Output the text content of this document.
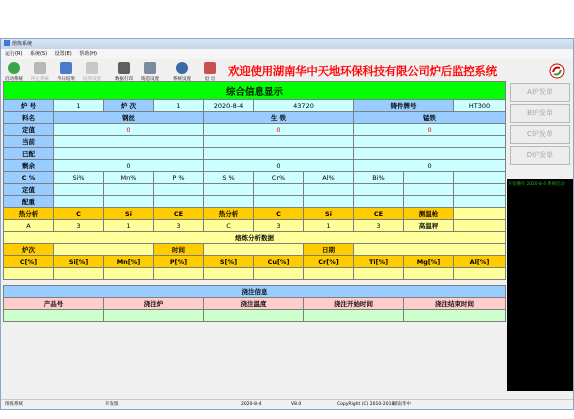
熔炼系统
运行(R) 系统(S) 设置(E) 帮助(H)
启动系统	停止系统	今日结果	结果设置	数据打印	铸造设置	系统设置	退 出
欢迎使用湖南华中天地环保科技有限公司炉后监控系统
综合信息显示									
炉 号	1	炉 次	1	2020-8-4	43720		铸件牌号		HT300
料名	钢丝			生 铁			锰铁		
定值	0			0			0		
当前									
已配									
剩余	0			0			0		
C %	Si%	Mn%	P %	S %	Cr%	Al%	Bi%		
定值									
配重									
热分析	C	Si	CE	热分析	C	Si	CE	测温枪	
A	3	1	3	C	3	1	3	高温秤	
熔炼分析数据									
炉次			时间			日期			
C[%]	Si[%]	Mn[%]	P[%]	S[%]	Cu[%]	Cr[%]	Ti[%]	Mg[%]	Al[%]

浇注信息									
产品号		浇注炉		浇注温度		浇注开始时间		浇注结束时间	

A炉发单
B炉发单
C炉发单
D炉发单
开始操作 2020-8-4 系统启动
熔炼系统	开发版	2020-8-4	V8.0	CopyRight (C) 2010-2018
湖南华中
